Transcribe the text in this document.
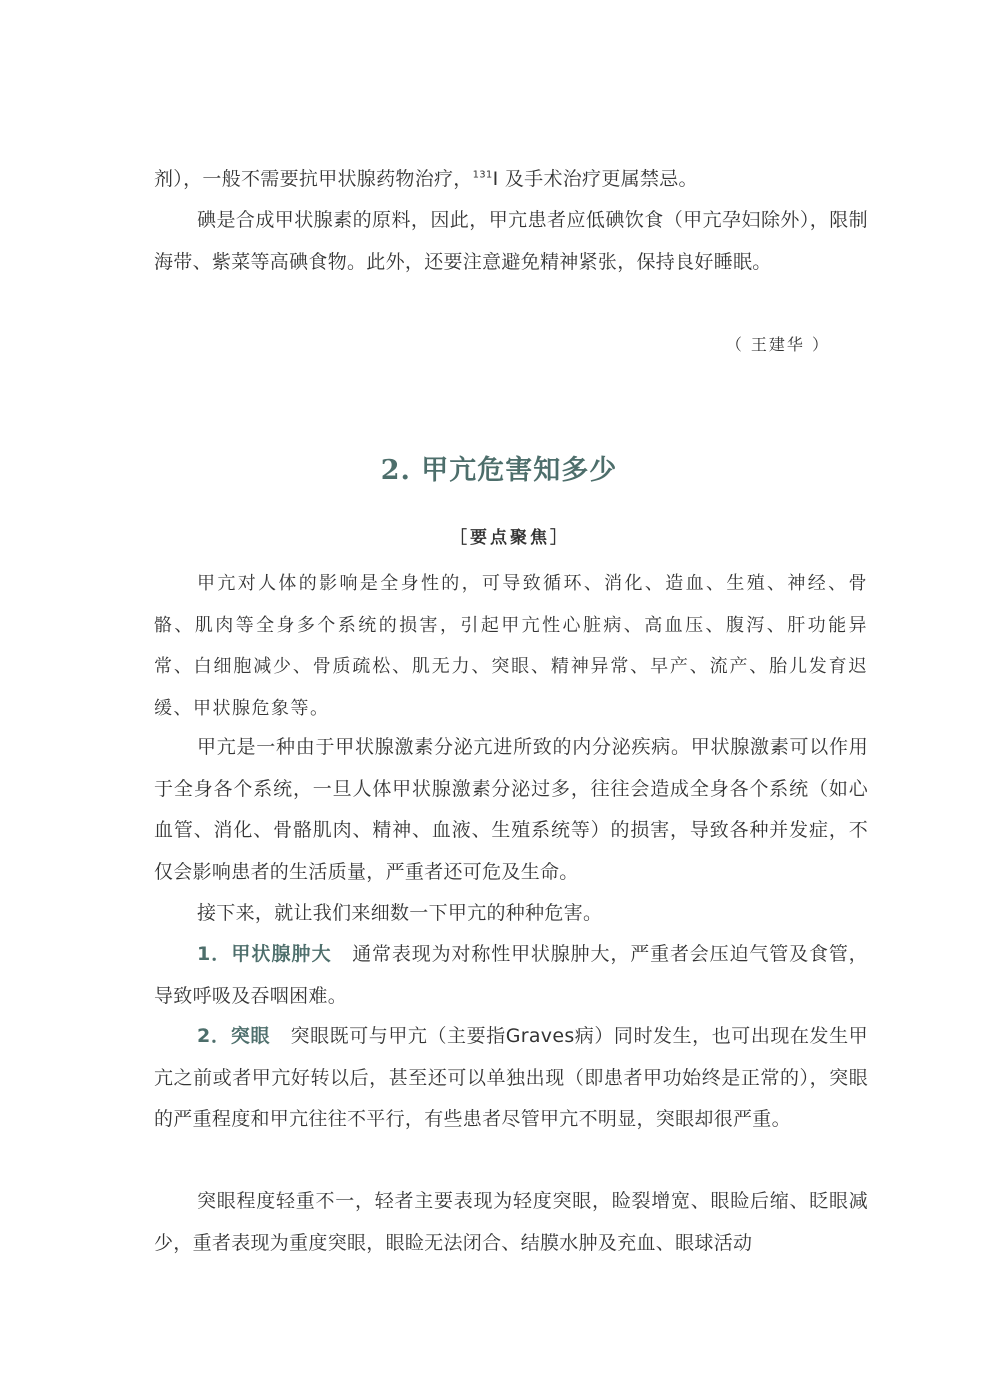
剂），一般不需要抗甲状腺药物治疗，$^{131}$I 及手术治疗更属禁忌。

碘是合成甲状腺素的原料，因此，甲亢患者应低碘饮食（甲亢孕妇除外），限制海带、紫菜等高碘食物。此外，还要注意避免精神紧张，保持良好睡眠。

（ 王建华 ）
2. 甲亢危害知多少
［要点聚焦］

甲亢对人体的影响是全身性的，可导致循环、消化、造血、生殖、神经、骨骼、肌肉等全身多个系统的损害，引起甲亢性心脏病、高血压、腹泻、肝功能异常、白细胞减少、骨质疏松、肌无力、突眼、精神异常、早产、流产、胎儿发育迟缓、甲状腺危象等。

甲亢是一种由于甲状腺激素分泌亢进所致的内分泌疾病。甲状腺激素可以作用于全身各个系统，一旦人体甲状腺激素分泌过多，往往会造成全身各个系统（如心血管、消化、骨骼肌肉、精神、血液、生殖系统等）的损害，导致各种并发症，不仅会影响患者的生活质量，严重者还可危及生命。

接下来，就让我们来细数一下甲亢的种种危害。

1．甲状腺肿大 通常表现为对称性甲状腺肿大，严重者会压迫气管及食管，导致呼吸及吞咽困难。

2．突眼 突眼既可与甲亢（主要指Graves病）同时发生，也可出现在发生甲亢之前或者甲亢好转以后，甚至还可以单独出现（即患者甲功始终是正常的），突眼的严重程度和甲亢往往不平行，有些患者尽管甲亢不明显，突眼却很严重。

突眼程度轻重不一，轻者主要表现为轻度突眼，睑裂增宽、眼睑后缩、眨眼减少，重者表现为重度突眼，眼睑无法闭合、结膜水肿及充血、眼球活动
